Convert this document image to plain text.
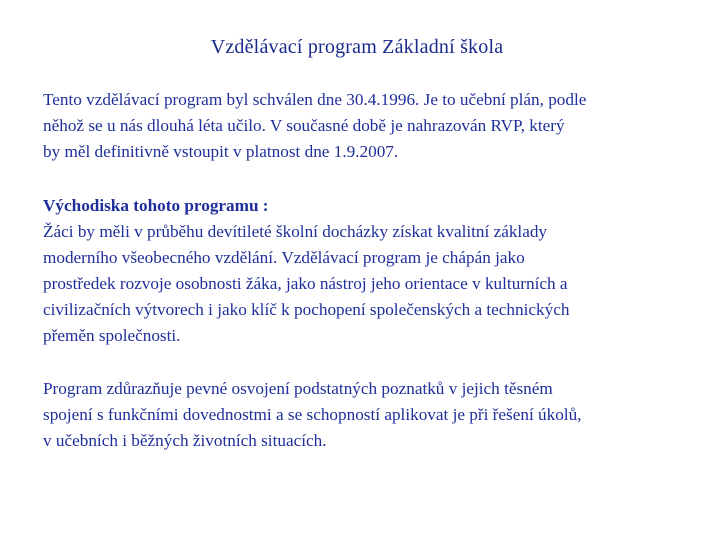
Vzdělávací program Základní škola
Tento vzdělávací program byl schválen dne 30.4.1996. Je to učební plán, podle
něhož se u nás dlouhá léta učilo. V současné době je nahrazován RVP, který
by měl definitivně vstoupit v platnost dne 1.9.2007.
Východiska tohoto programu :
Žáci by měli v průběhu devítileté školní docházky získat kvalitní základy
moderního všeobecného vzdělání. Vzdělávací program je chápán jako
prostředek rozvoje osobnosti žáka, jako nástroj jeho orientace v kulturních a
civilizačních výtvorech i jako klíč k pochopení společenských a technických
přeměn společnosti.
Program zdůrazňuje pevné osvojení podstatných poznatků v jejich těsném
spojení s funkčními dovednostmi a se schopností aplikovat je při řešení úkolů,
v učebních i běžných životních situacích.
